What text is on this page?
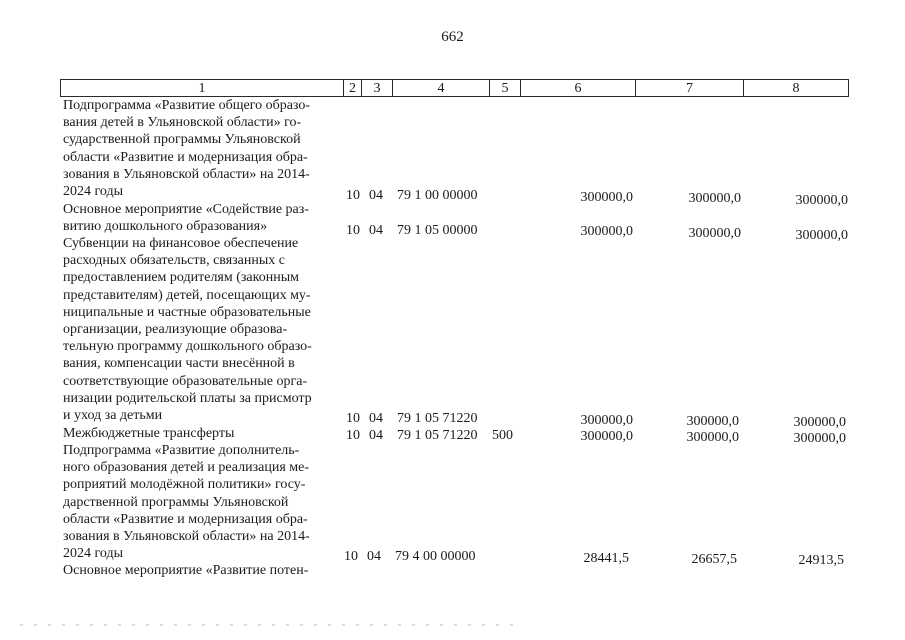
662
1	2	3	4	5	6	7	8
Подпрограмма «Развитие общего образо-
вания детей в Ульяновской области» го-
сударственной программы Ульяновской
области «Развитие и модернизация обра-
зования в Ульяновской области» на 2014-
2024 годы	10 04 79 1 00 00000	300000,0	300000,0	300000,0
Основное мероприятие «Содействие раз-
витию дошкольного образования»	10 04 79 1 05 00000	300000,0	300000,0	300000,0
Субвенции на финансовое обеспечение
расходных обязательств, связанных с
предоставлением родителям (законным
представителям) детей, посещающих му-
ниципальные и частные образовательные
организации, реализующие образова-
тельную программу дошкольного образо-
вания, компенсации части внесённой в
соответствующие образовательные орга-
низации родительской платы за присмотр
и уход за детьми	10 04 79 1 05 71220	300000,0	300000,0	300000,0
Межбюджетные трансферты	10 04 79 1 05 71220 500	300000,0	300000,0	300000,0
Подпрограмма «Развитие дополнитель-
ного образования детей и реализация ме-
роприятий молодёжной политики» госу-
дарственной программы Ульяновской
области «Развитие и модернизация обра-
зования в Ульяновской области» на 2014-
2024 годы	10 04 79 4 00 00000	28441,5	26657,5	24913,5
Основное мероприятие «Развитие потен-
